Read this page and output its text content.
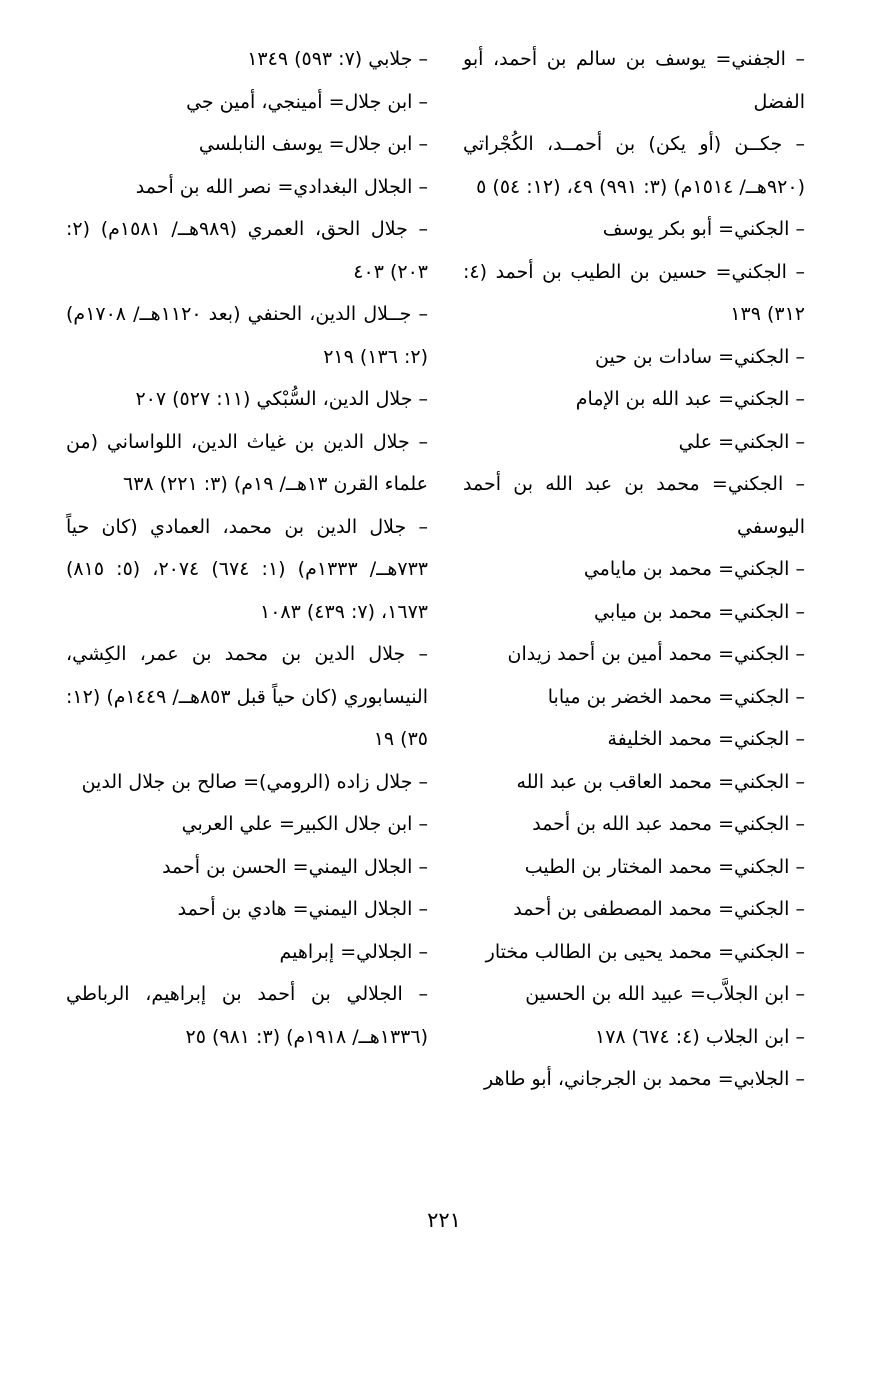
– الجفني= يوسف بن سالم بن أحمد، أبو الفضل

– جكــن (أو يكن) بن أحمــد، الكُجْراتي (٩٢٠هــ/ ١٥١٤م) (٣: ٩٩١) ٤٩، (١٢: ٥٤) ٥

– الجكني= أبو بكر يوسف

– الجكني= حسين بن الطيب بن أحمد (٤: ٣١٢) ١٣٩

– الجكني= سادات بن حين

– الجكني= عبد الله بن الإمام

– الجكني= علي

– الجكني= محمد بن عبد الله بن أحمد اليوسفي

– الجكني= محمد بن مايامي

– الجكني= محمد بن ميابي

– الجكني= محمد أمين بن أحمد زيدان

– الجكني= محمد الخضر بن ميابا

– الجكني= محمد الخليفة

– الجكني= محمد العاقب بن عبد الله

– الجكني= محمد عبد الله بن أحمد

– الجكني= محمد المختار بن الطيب

– الجكني= محمد المصطفى بن أحمد

– الجكني= محمد يحيى بن الطالب مختار

– ابن الجلاَّب= عبيد الله بن الحسين

– ابن الجلاب (٤: ٦٧٤) ١٧٨

– الجلابي= محمد بن الجرجاني، أبو طاهر

– جلابي (٧: ٥٩٣) ١٣٤٩

– ابن جلال= أمينجي، أمين جي

– ابن جلال= يوسف النابلسي

– الجلال البغدادي= نصر الله بن أحمد

– جلال الحق، العمري (٩٨٩هــ/ ١٥٨١م) (٢: ٢٠٣) ٤٠٣

– جــلال الدين، الحنفي (بعد ١١٢٠هــ/ ١٧٠٨م) (٢: ١٣٦) ٢١٩

– جلال الدين، السُّبْكي (١١: ٥٢٧) ٢٠٧

– جلال الدين بن غياث الدين، اللواساني (من علماء القرن ١٣هــ/ ١٩م) (٣: ٢٢١) ٦٣٨

– جلال الدين بن محمد، العمادي (كان حياً ٧٣٣هــ/ ١٣٣٣م) (١: ٦٧٤) ٢٠٧٤، (٥: ٨١٥) ١٦٧٣، (٧: ٤٣٩) ١٠٨٣

– جلال الدين بن محمد بن عمر، الكِشي، النيسابوري (كان حياً قبل ٨٥٣هــ/ ١٤٤٩م) (١٢: ٣٥) ١٩

– جلال زاده (الرومي)= صالح بن جلال الدين

– ابن جلال الكبير= علي العربي

– الجلال اليمني= الحسن بن أحمد

– الجلال اليمني= هادي بن أحمد

– الجلالي= إبراهيم

– الجلالي بن أحمد بن إبراهيم، الرباطي (١٣٣٦هــ/ ١٩١٨م) (٣: ٩٨١) ٢٥

٢٢١
